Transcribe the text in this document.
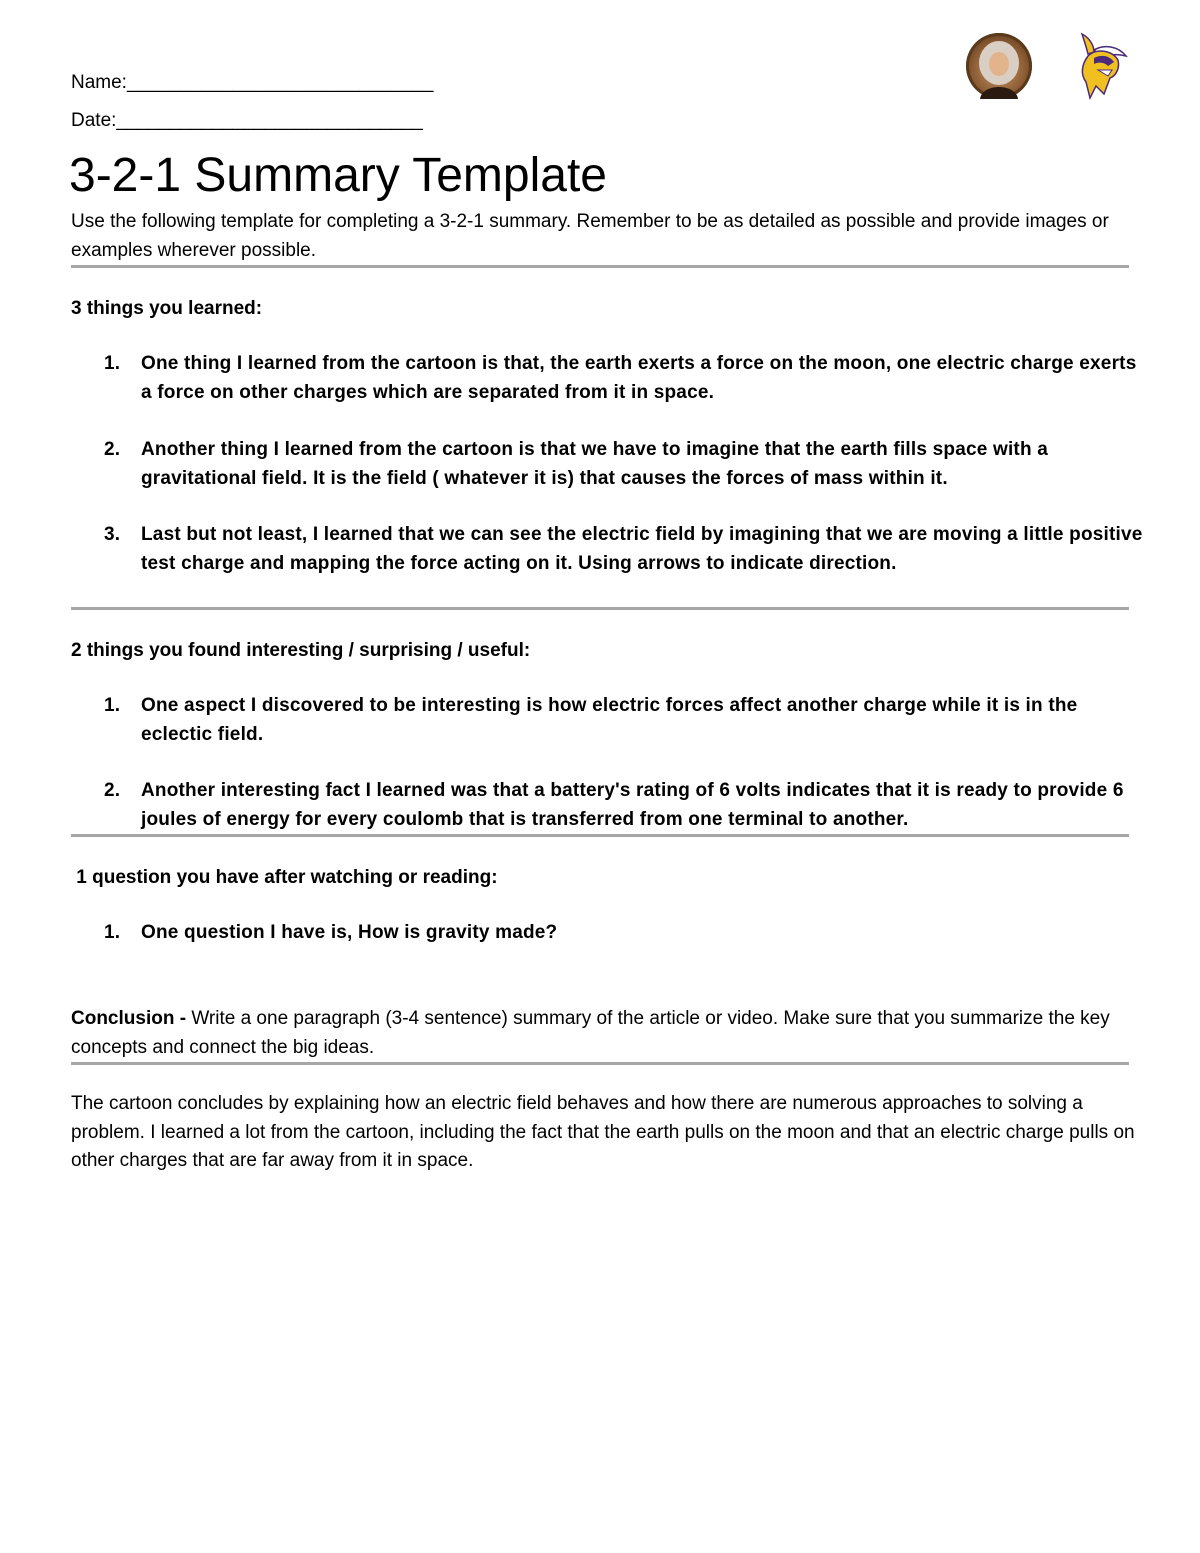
Name:_____________________________
Date:_____________________________
3-2-1 Summary Template
Use the following template for completing a 3-2-1 summary. Remember to be as detailed as possible and provide images or examples wherever possible.
3 things you learned:
1.	One thing I learned from the cartoon is that, the earth exerts a force on the moon, one electric charge exerts a force on other charges which are separated from it in space.
2.	Another thing I learned from the cartoon is that we have to imagine that the earth fills space with a gravitational field. It is the field ( whatever it is) that causes the forces of mass within it.
3.	Last but not least, I learned that we can see the electric field by imagining that we are moving a little positive test charge and mapping the force acting on it. Using arrows to indicate direction.
2 things you found interesting / surprising / useful:
1.	One aspect I discovered to be interesting is how electric forces affect another charge while it is in the eclectic field.
2.	Another interesting fact I learned was that a battery's rating of 6 volts indicates that it is ready to provide 6 joules of energy for every coulomb that is transferred from one terminal to another.
1 question you have after watching or reading:
1.	One question I have is, How is gravity made?
Conclusion - Write a one paragraph (3-4 sentence) summary of the article or video. Make sure that you summarize the key concepts and connect the big ideas.
The cartoon concludes by explaining how an electric field behaves and how there are numerous approaches to solving a problem. I learned a lot from the cartoon, including the fact that the earth pulls on the moon and that an electric charge pulls on other charges that are far away from it in space.
